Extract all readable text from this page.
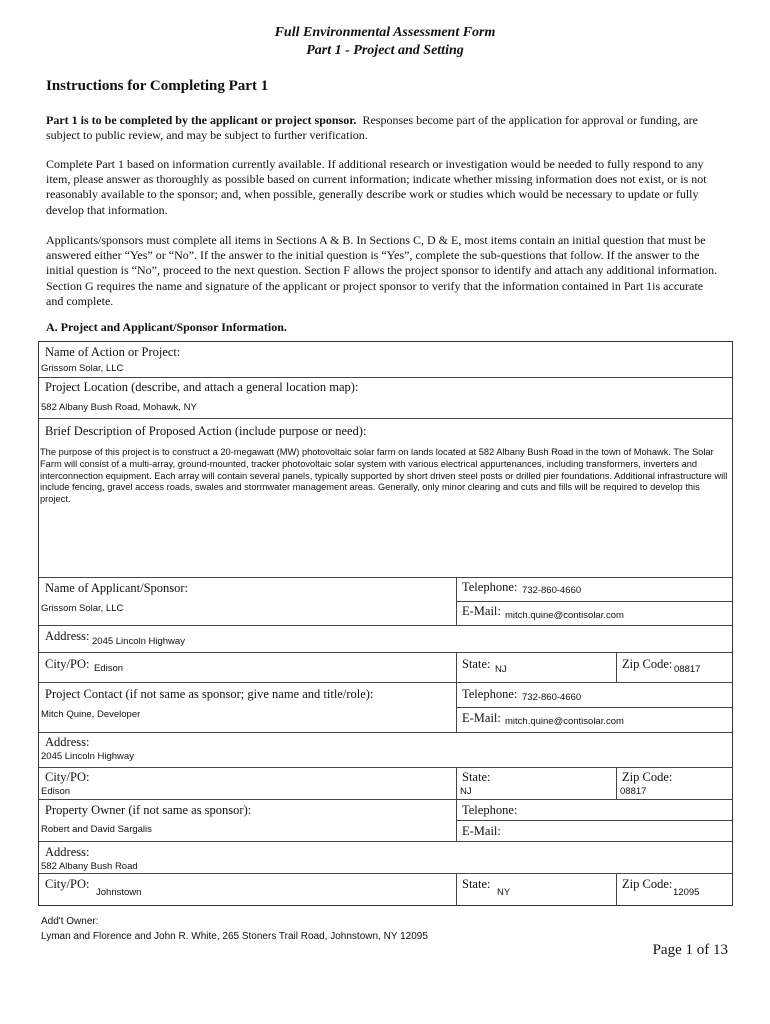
Full Environmental Assessment Form
Part 1 - Project and Setting
Instructions for Completing Part 1
Part 1 is to be completed by the applicant or project sponsor. Responses become part of the application for approval or funding, are subject to public review, and may be subject to further verification.
Complete Part 1 based on information currently available. If additional research or investigation would be needed to fully respond to any item, please answer as thoroughly as possible based on current information; indicate whether missing information does not exist, or is not reasonably available to the sponsor; and, when possible, generally describe work or studies which would be necessary to update or fully develop that information.
Applicants/sponsors must complete all items in Sections A & B. In Sections C, D & E, most items contain an initial question that must be answered either “Yes” or “No”. If the answer to the initial question is “Yes”, complete the sub-questions that follow. If the answer to the initial question is “No”, proceed to the next question. Section F allows the project sponsor to identify and attach any additional information. Section G requires the name and signature of the applicant or project sponsor to verify that the information contained in Part 1is accurate and complete.
A. Project and Applicant/Sponsor Information.
Name of Action or Project:
Grissom Solar, LLC
Project Location (describe, and attach a general location map):
582 Albany Bush Road, Mohawk, NY
Brief Description of Proposed Action (include purpose or need):
The purpose of this project is to construct a 20-megawatt (MW) photovoltaic solar farm on lands located at 582 Albany Bush Road in the town of Mohawk. The Solar Farm will consist of a multi-array, ground-mounted, tracker photovoltaic solar system with various electrical appurtenances, including transformers, inverters and interconnection equipment. Each array will contain several panels, typically supported by short driven steel posts or drilled pier foundations. Additional infrastructure will include fencing, gravel access roads, swales and stormwater management areas. Generally, only minor clearing and cuts and fills will be required to develop this project.
Name of Applicant/Sponsor:
Grissom Solar, LLC
Telephone: 732-860-4660
E-Mail: mitch.quine@contisolar.com
Address: 2045 Lincoln Highway
City/PO: Edison	State: NJ	Zip Code: 08817
Project Contact (if not same as sponsor; give name and title/role):
Mitch Quine, Developer
Telephone: 732-860-4660
E-Mail: mitch.quine@contisolar.com
Address:
2045 Lincoln Highway
City/PO:
Edison
State:
NJ
Zip Code:
08817
Property Owner (if not same as sponsor):
Robert and David Sargalis
Telephone:
E-Mail:
Address:
582 Albany Bush Road
City/PO:
Johnstown
State:
NY
Zip Code:
12095
Add't Owner:
Lyman and Florence and John R. White, 265 Stoners Trail Road, Johnstown, NY 12095
Page 1 of 13
